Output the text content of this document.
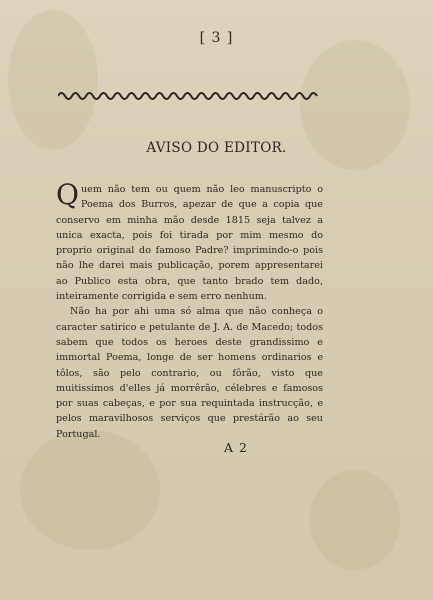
[ 3 ]
AVISO DO EDITOR.

Quem não tem ou quem não leo manuscripto o Poema dos Burros, apezar de que a copia que conservo em minha mão desde 1815 seja talvez a unica exacta, pois foi tirada por mim mesmo do proprio original do famoso Padre? imprimindo-o pois não lhe darei mais publicação, porem appresentarei ao Publico esta obra, que tanto brado tem dado, inteiramente corrigida e sem erro nenhum.

Não ha por ahi uma só alma que não conheça o caracter satirico e petulante de J. A. de Macedo; todos sabem que todos os heroes deste grandissimo e immortal Poema, longe de ser homens ordinarios e tôlos, são pelo contrario, ou fôrão, visto que muitissimos d'elles já morrêrão, célebres e famosos por suas cabeças, e por sua requintada instrucção, e pelos maravilhosos serviços que prestárão ao seu Portugal.

A 2
